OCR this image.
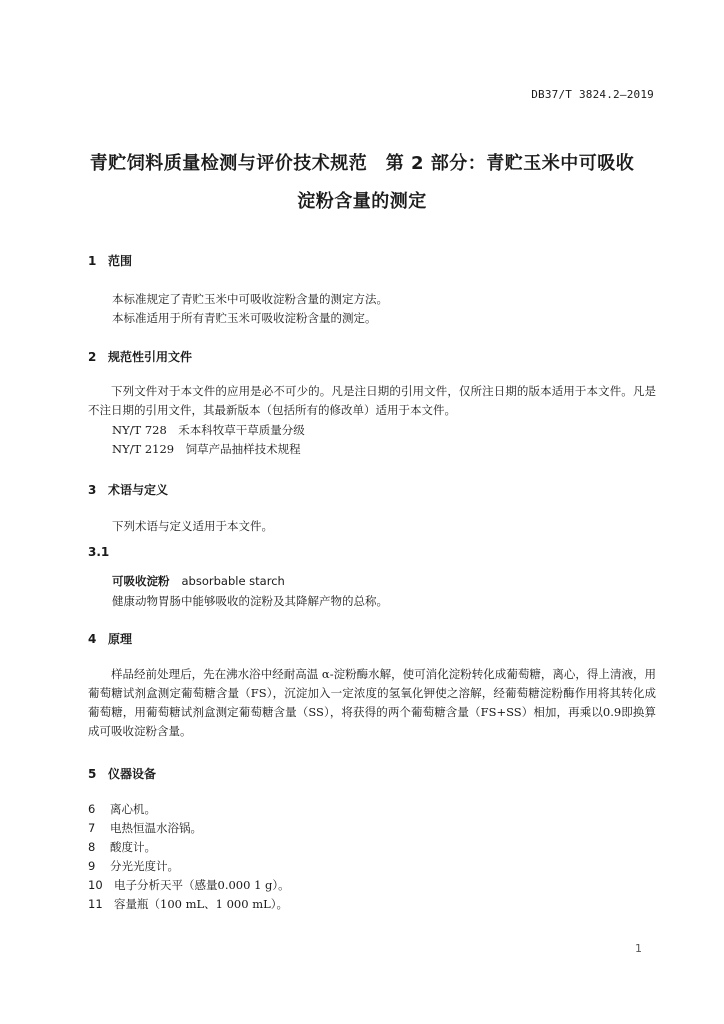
DB37/T 3824.2—2019
青贮饲料质量检测与评价技术规范　第 2 部分：青贮玉米中可吸收
淀粉含量的测定
1 范围
本标准规定了青贮玉米中可吸收淀粉含量的测定方法。
本标准适用于所有青贮玉米可吸收淀粉含量的测定。
2 规范性引用文件
下列文件对于本文件的应用是必不可少的。凡是注日期的引用文件，仅所注日期的版本适用于本文件。凡是不注日期的引用文件，其最新版本（包括所有的修改单）适用于本文件。
NY/T 728　禾本科牧草干草质量分级
NY/T 2129　饲草产品抽样技术规程
3 术语与定义
下列术语与定义适用于本文件。
3.1
可吸收淀粉 absorbable starch
健康动物胃肠中能够吸收的淀粉及其降解产物的总称。
4 原理
样品经前处理后，先在沸水浴中经耐高温 α-淀粉酶水解，使可消化淀粉转化成葡萄糖，离心，得上清液，用葡萄糖试剂盒测定葡萄糖含量（FS），沉淀加入一定浓度的氢氧化钾使之溶解，经葡萄糖淀粉酶作用将其转化成葡萄糖，用葡萄糖试剂盒测定葡萄糖含量（SS），将获得的两个葡萄糖含量（FS+SS）相加，再乘以0.9即换算成可吸收淀粉含量。
5 仪器设备
6 离心机。
7 电热恒温水浴锅。
8 酸度计。
9 分光光度计。
10 电子分析天平（感量0.000 1 g）。
11 容量瓶（100 mL、1 000 mL）。
1
